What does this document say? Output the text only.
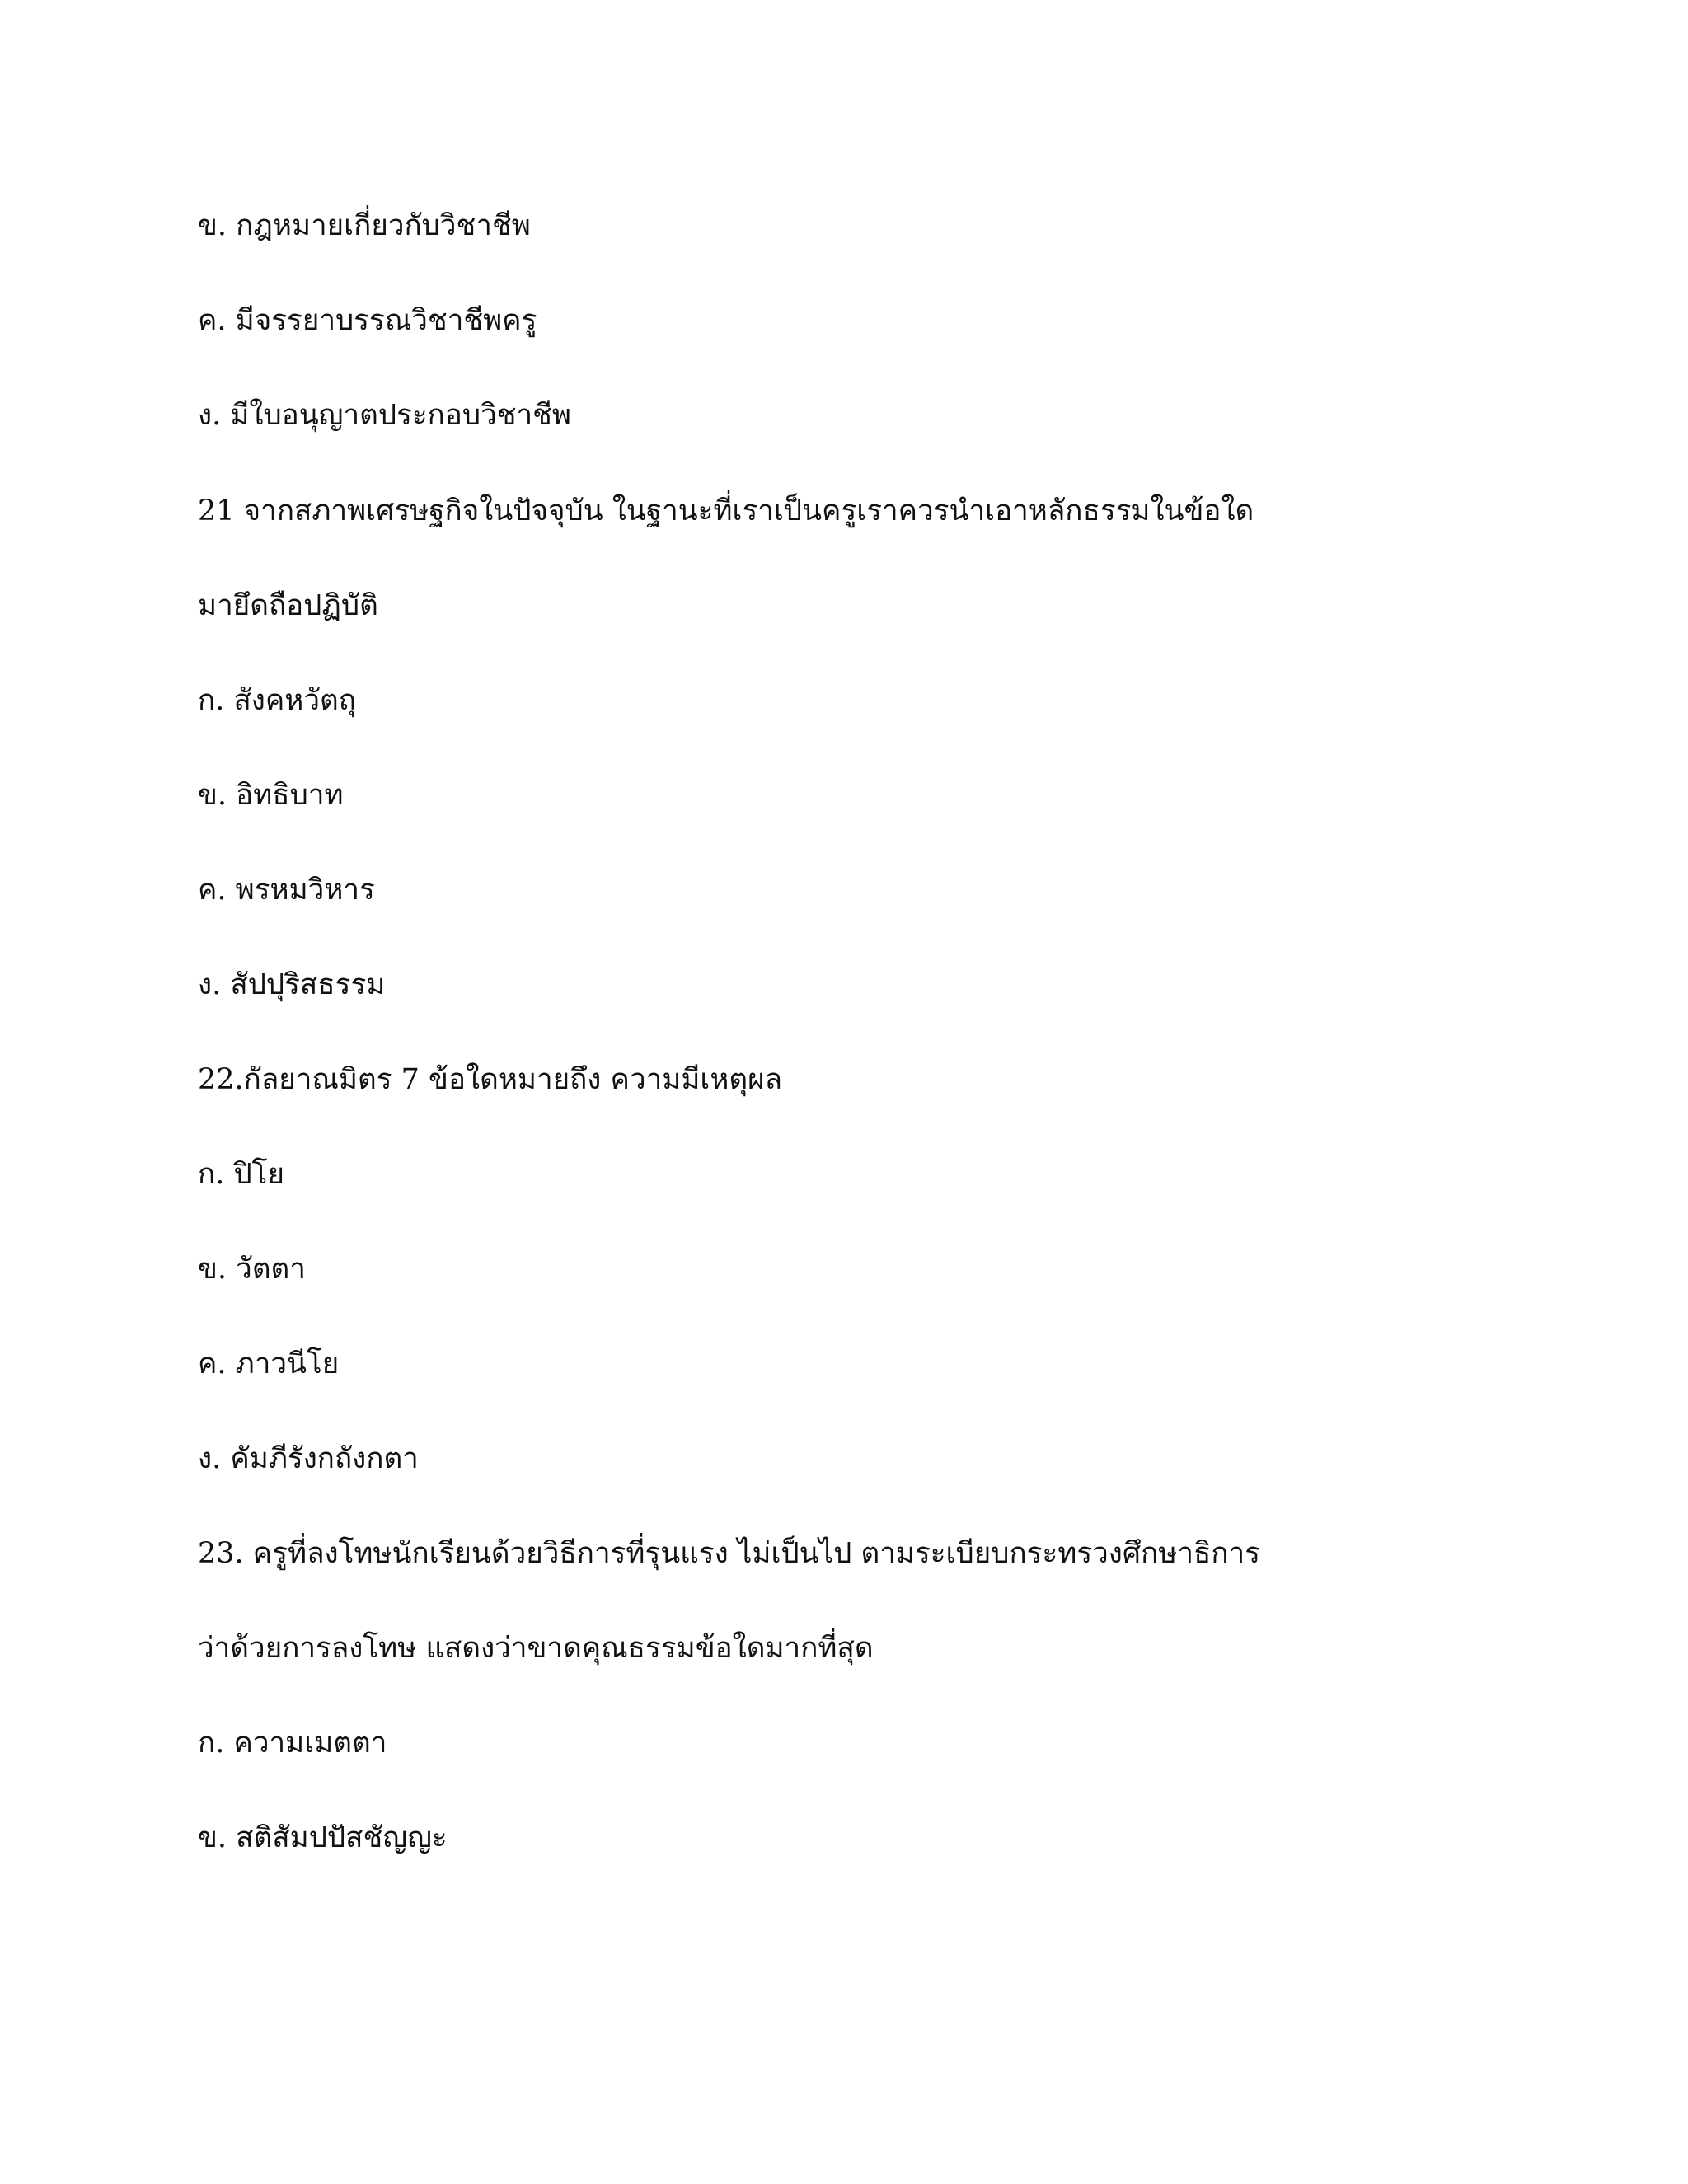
ข. กฎหมายเกี่ยวกับวิชาชีพ

ค. มีจรรยาบรรณวิชาชีพครู

ง. มีใบอนุญาตประกอบวิชาชีพ

21 จากสภาพเศรษฐกิจในปัจจุบัน ในฐานะที่เราเป็นครูเราควรนำเอาหลักธรรมในข้อใด

มายึดถือปฏิบัติ

ก. สังคหวัตถุ

ข. อิทธิบาท

ค. พรหมวิหาร

ง. สัปปุริสธรรม

22.กัลยาณมิตร 7 ข้อใดหมายถึง ความมีเหตุผล

ก. ปิโย

ข. วัตตา

ค. ภาวนีโย

ง. คัมภีรังกถังกตา

23. ครูที่ลงโทษนักเรียนด้วยวิธีการที่รุนแรง ไม่เป็นไป ตามระเบียบกระทรวงศึกษาธิการ

ว่าด้วยการลงโทษ แสดงว่าขาดคุณธรรมข้อใดมากที่สุด

ก. ความเมตตา

ข. สติสัมปปัสชัญญะ
